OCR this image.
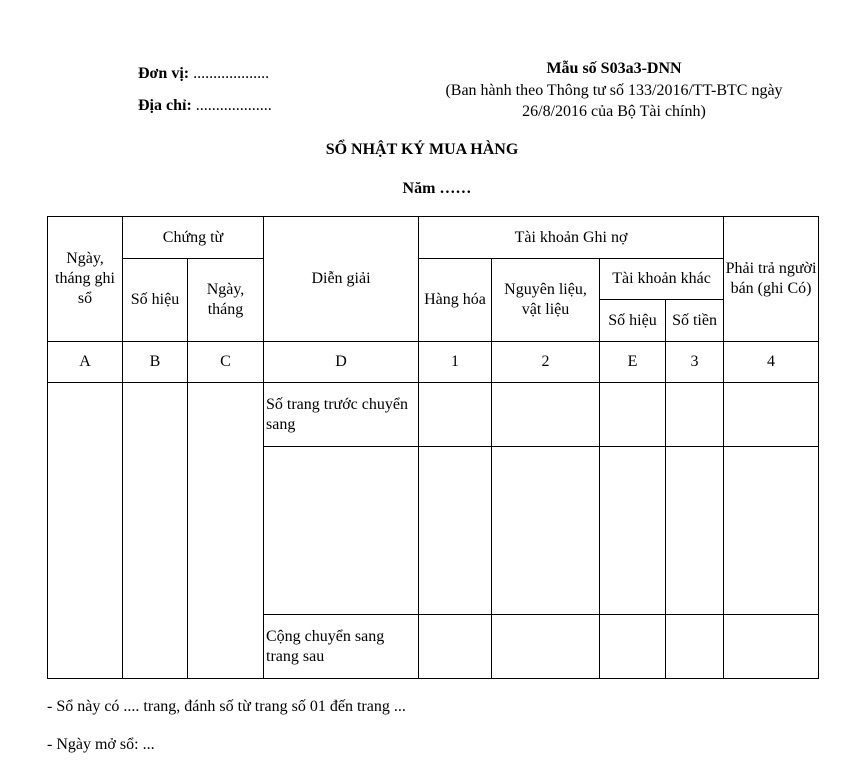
Đơn vị: ...................
Địa chỉ: ...................
Mẫu số S03a3-DNN
(Ban hành theo Thông tư số 133/2016/TT-BTC ngày
26/8/2016 của Bộ Tài chính)
SỔ NHẬT KÝ MUA HÀNG
Năm ……
Ngày, tháng ghi sổ	Chứng từ		Diễn giải	Tài khoản Ghi nợ				Phải trả người bán (ghi Có)
	Số hiệu	Ngày, tháng		Hàng hóa	Nguyên liệu, vật liệu	Tài khoản khác		
						Số hiệu	Số tiền	
A	B	C	D	1	2	E	3	4
			Số trang trước chuyển sang					

			Cộng chuyển sang trang sau					
- Sổ này có .... trang, đánh số từ trang số 01 đến trang ...
- Ngày mở sổ: ...
